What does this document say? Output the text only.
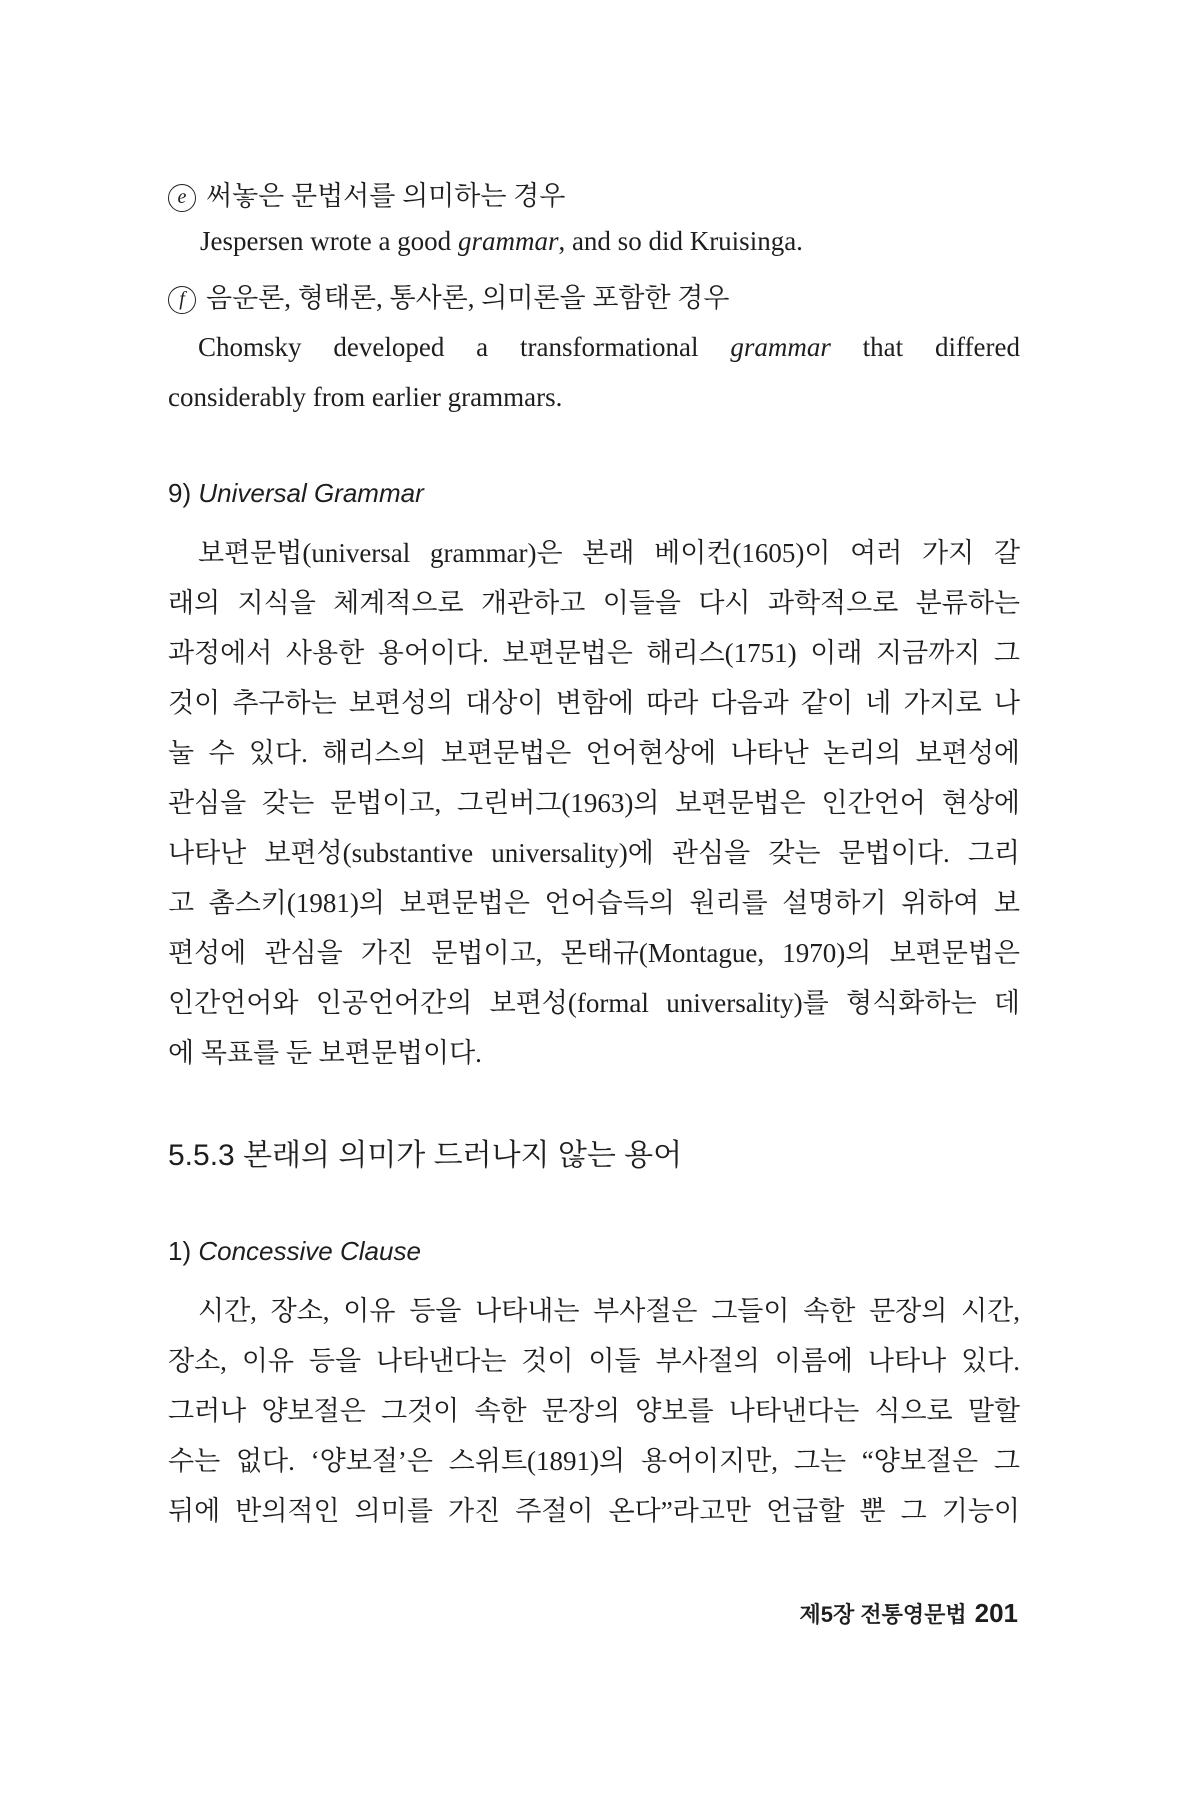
e 써놓은 문법서를 의미하는 경우
Jespersen wrote a good grammar, and so did Kruisinga.
f 음운론, 형태론, 통사론, 의미론을 포함한 경우
Chomsky developed a transformational grammar that differed
considerably from earlier grammars.
9) Universal Grammar
보편문법(universal grammar)은 본래 베이컨(1605)이 여러 가지 갈
래의 지식을 체계적으로 개관하고 이들을 다시 과학적으로 분류하는
과정에서 사용한 용어이다. 보편문법은 해리스(1751) 이래 지금까지 그
것이 추구하는 보편성의 대상이 변함에 따라 다음과 같이 네 가지로 나
눌 수 있다. 해리스의 보편문법은 언어현상에 나타난 논리의 보편성에
관심을 갖는 문법이고, 그린버그(1963)의 보편문법은 인간언어 현상에
나타난 보편성(substantive universality)에 관심을 갖는 문법이다. 그리
고 촘스키(1981)의 보편문법은 언어습득의 원리를 설명하기 위하여 보
편성에 관심을 가진 문법이고, 몬태규(Montague, 1970)의 보편문법은
인간언어와 인공언어간의 보편성(formal universality)를 형식화하는 데
에 목표를 둔 보편문법이다.
5.5.3 본래의 의미가 드러나지 않는 용어
1) Concessive Clause
시간, 장소, 이유 등을 나타내는 부사절은 그들이 속한 문장의 시간,
장소, 이유 등을 나타낸다는 것이 이들 부사절의 이름에 나타나 있다.
그러나 양보절은 그것이 속한 문장의 양보를 나타낸다는 식으로 말할
수는 없다. ‘양보절’은 스위트(1891)의 용어이지만, 그는 “양보절은 그
뒤에 반의적인 의미를 가진 주절이 온다”라고만 언급할 뿐 그 기능이
제5장 전통영문법 201
